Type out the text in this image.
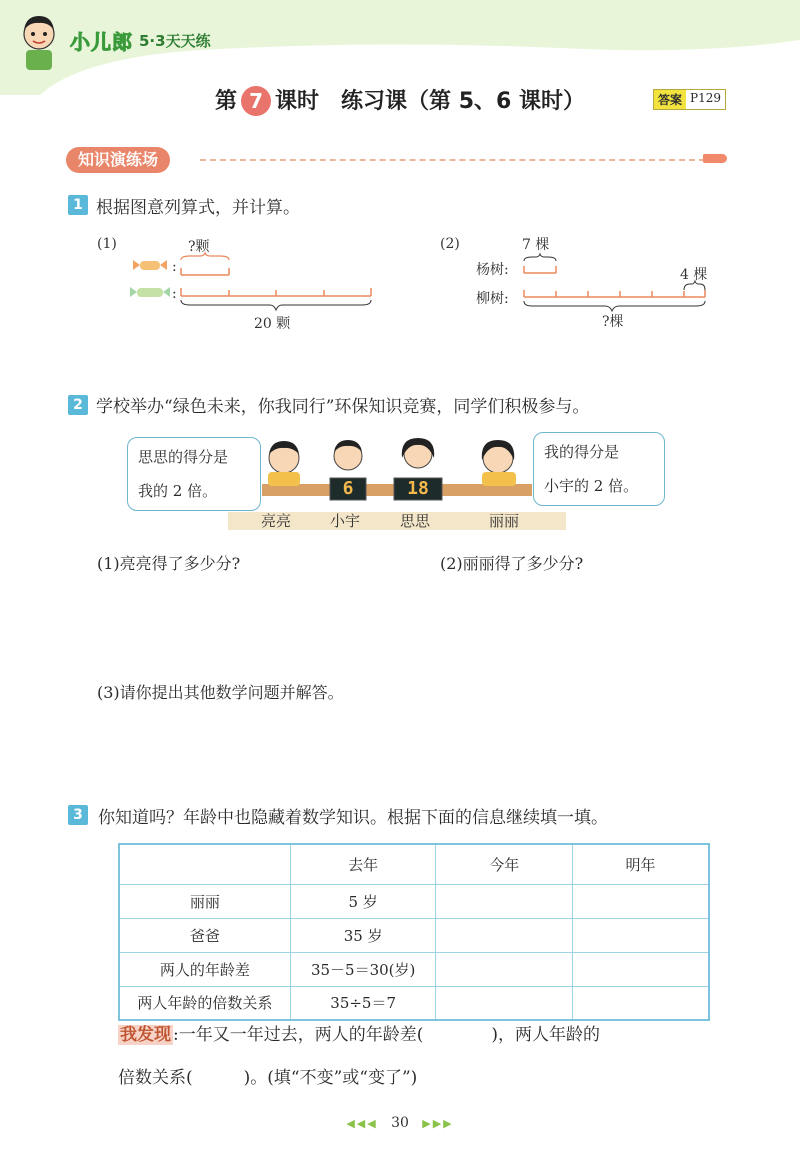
小儿郎 5·3天天练
第 7 课时　练习课（第 5、6 课时）	答案 P129
知识演练场
1 根据图意列算式，并计算。
(1)	?颗
:
:
20 颗
(2)	7 棵
杨树:
柳树:
4 棵
?棵
2 学校举办“绿色未来，你我同行”环保知识竞赛，同学们积极参与。
思思的得分是
我的 2 倍。
我的得分是
小宇的 2 倍。
6	18
亮亮	小宇	思思	丽丽
(1)亮亮得了多少分?	(2)丽丽得了多少分?
(3)请你提出其他数学问题并解答。
3 你知道吗？年龄中也隐藏着数学知识。根据下面的信息继续填一填。
	去年	今年	明年
丽丽	5 岁		
爸爸	35 岁		
两人的年龄差	35－5＝30(岁)		
两人年龄的倍数关系	35÷5＝7		
我发现 :一年又一年过去，两人的年龄差(　　　　)，两人年龄的
倍数关系(　　　)。(填“不变”或“变了”)
◀◀◀ 30 ▶▶▶
